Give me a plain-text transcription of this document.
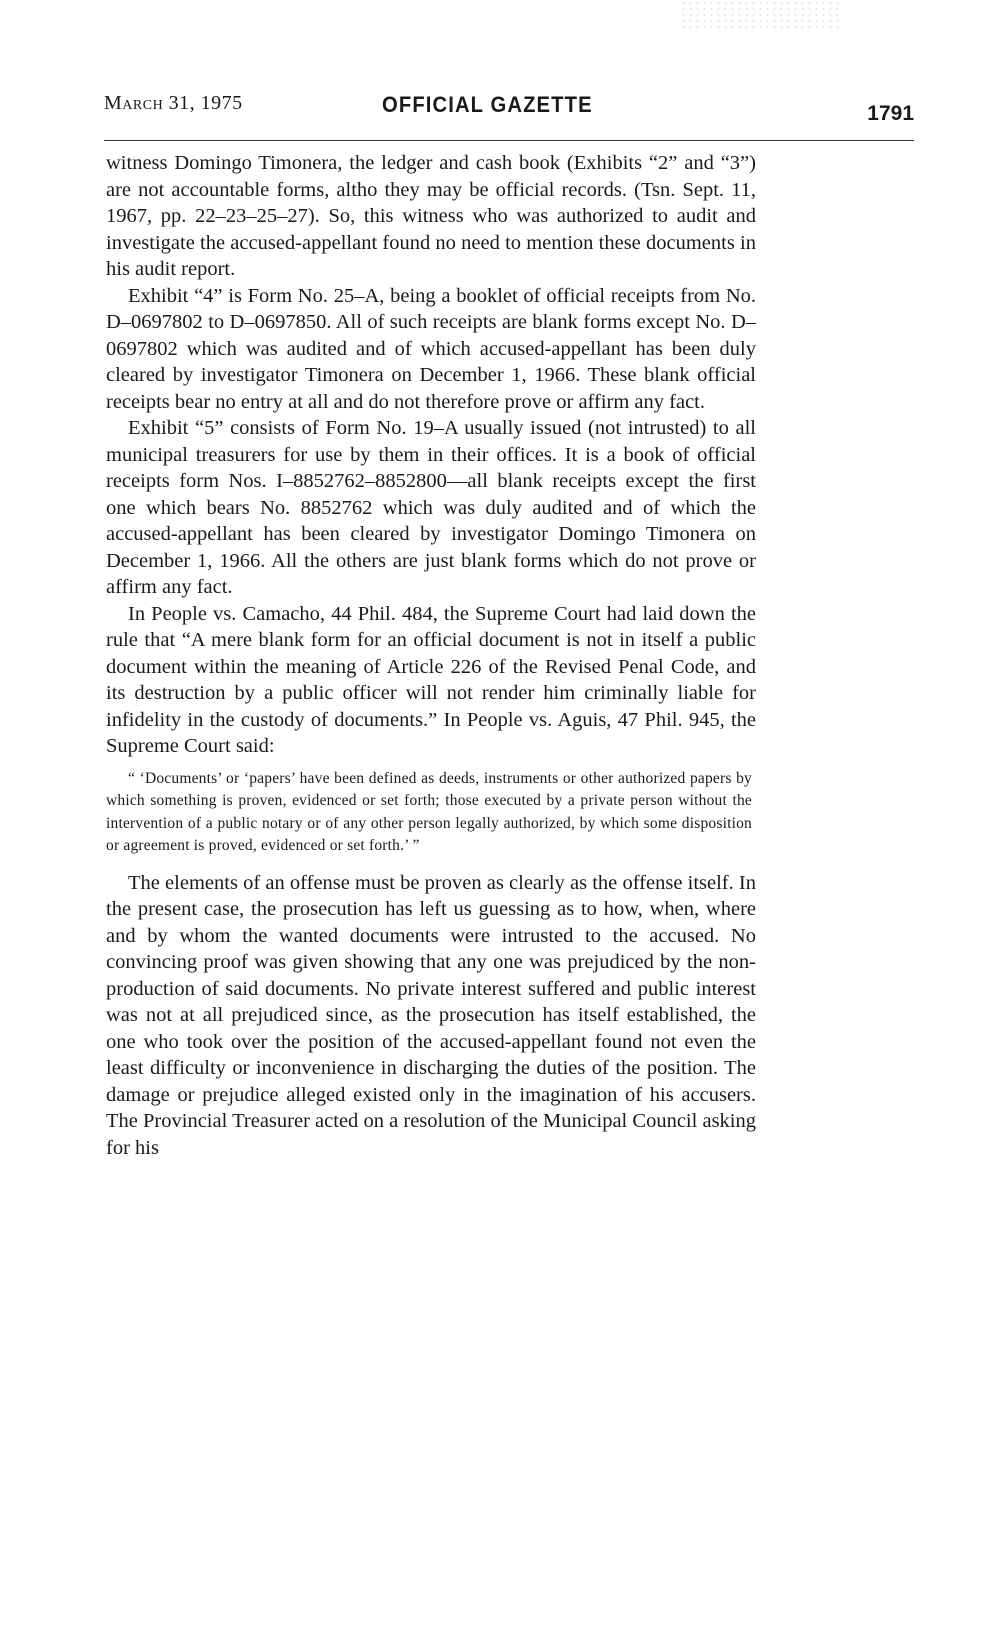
March 31, 1975	OFFICIAL GAZETTE	1791

witness Domingo Timonera, the ledger and cash book (Exhibits “2” and “3”) are not accountable forms, altho they may be official records. (Tsn. Sept. 11, 1967, pp. 22–23–25–27). So, this witness who was authorized to audit and investigate the accused-appellant found no need to mention these documents in his audit report.

Exhibit “4” is Form No. 25–A, being a booklet of official receipts from No. D–0697802 to D–0697850. All of such receipts are blank forms except No. D–0697802 which was audited and of which accused-appellant has been duly cleared by investigator Timonera on December 1, 1966. These blank official receipts bear no entry at all and do not therefore prove or affirm any fact.

Exhibit “5” consists of Form No. 19–A usually issued (not intrusted) to all municipal treasurers for use by them in their offices. It is a book of official receipts form Nos. I–8852762–8852800—all blank receipts except the first one which bears No. 8852762 which was duly audited and of which the accused-appellant has been cleared by investigator Domingo Timonera on December 1, 1966. All the others are just blank forms which do not prove or affirm any fact.

In People vs. Camacho, 44 Phil. 484, the Supreme Court had laid down the rule that “A mere blank form for an official document is not in itself a public document within the meaning of Article 226 of the Revised Penal Code, and its destruction by a public officer will not render him criminally liable for infidelity in the custody of documents.” In People vs. Aguis, 47 Phil. 945, the Supreme Court said:

“ ‘Documents’ or ‘papers’ have been defined as deeds, instruments or other authorized papers by which something is proven, evidenced or set forth; those executed by a private person without the intervention of a public notary or of any other person legally authorized, by which some disposition or agreement is proved, evidenced or set forth.’ ”

The elements of an offense must be proven as clearly as the offense itself. In the present case, the prosecution has left us guessing as to how, when, where and by whom the wanted documents were intrusted to the accused. No convincing proof was given showing that any one was prejudiced by the non-production of said documents. No private interest suffered and public interest was not at all prejudiced since, as the prosecution has itself established, the one who took over the position of the accused-appellant found not even the least difficulty or inconvenience in discharging the duties of the position. The damage or prejudice alleged existed only in the imagination of his accusers. The Provincial Treasurer acted on a resolution of the Municipal Council asking for his
